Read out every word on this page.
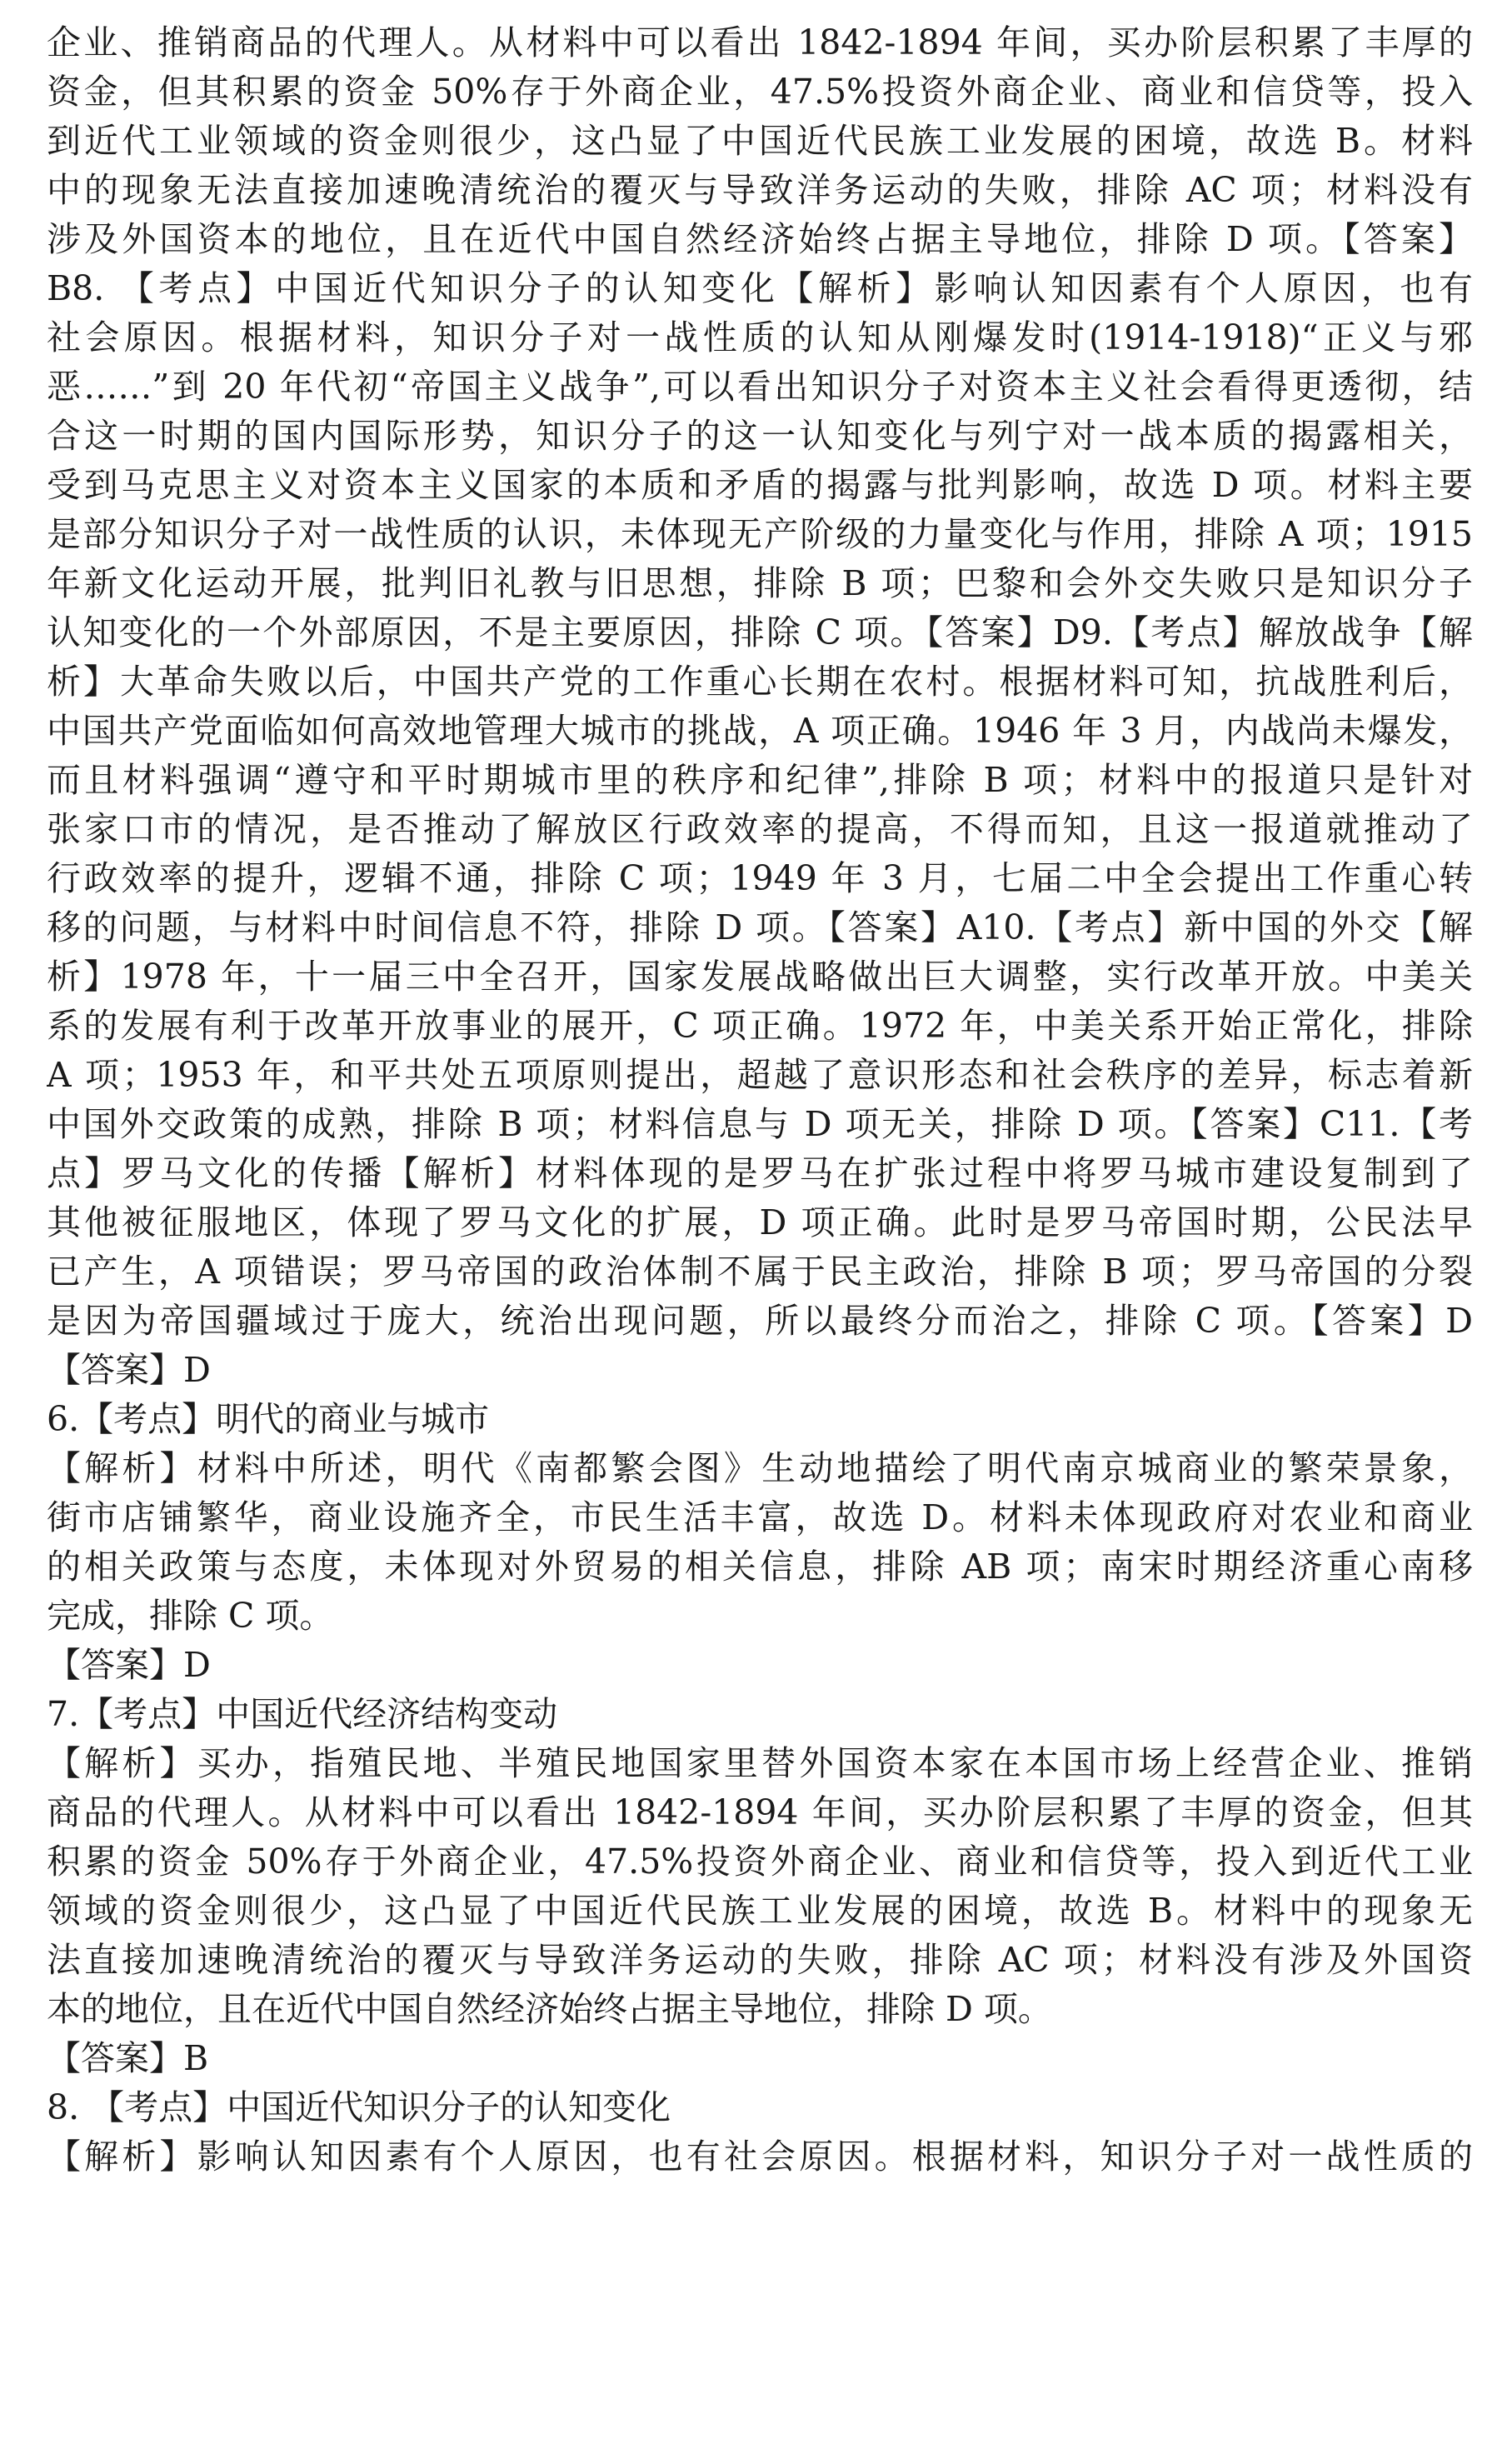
企业、推销商品的代理人。从材料中可以看出 1842-1894 年间，买办阶层积累了丰厚的
资金，但其积累的资金 50%存于外商企业，47.5%投资外商企业、商业和信贷等，投入
到近代工业领域的资金则很少，这凸显了中国近代民族工业发展的困境，故选 B。材料
中的现象无法直接加速晚清统治的覆灭与导致洋务运动的失败，排除 AC 项；材料没有
涉及外国资本的地位，且在近代中国自然经济始终占据主导地位，排除 D 项。【答案】
B8. 【考点】中国近代知识分子的认知变化【解析】影响认知因素有个人原因，也有
社会原因。根据材料，知识分子对一战性质的认知从刚爆发时(1914-1918)“正义与邪
恶……”到 20 年代初“帝国主义战争”,可以看出知识分子对资本主义社会看得更透彻，结
合这一时期的国内国际形势，知识分子的这一认知变化与列宁对一战本质的揭露相关，
受到马克思主义对资本主义国家的本质和矛盾的揭露与批判影响，故选 D 项。材料主要
是部分知识分子对一战性质的认识，未体现无产阶级的力量变化与作用，排除 A 项；1915
年新文化运动开展，批判旧礼教与旧思想，排除 B 项；巴黎和会外交失败只是知识分子
认知变化的一个外部原因，不是主要原因，排除 C 项。【答案】D9.【考点】解放战争【解
析】大革命失败以后，中国共产党的工作重心长期在农村。根据材料可知，抗战胜利后，
中国共产党面临如何高效地管理大城市的挑战，A 项正确。1946 年 3 月，内战尚未爆发，
而且材料强调“遵守和平时期城市里的秩序和纪律”,排除 B 项；材料中的报道只是针对
张家口市的情况，是否推动了解放区行政效率的提高，不得而知，且这一报道就推动了
行政效率的提升，逻辑不通，排除 C 项；1949 年 3 月，七届二中全会提出工作重心转
移的问题，与材料中时间信息不符，排除 D 项。【答案】A10.【考点】新中国的外交【解
析】1978 年，十一届三中全召开，国家发展战略做出巨大调整，实行改革开放。中美关
系的发展有利于改革开放事业的展开，C 项正确。1972 年，中美关系开始正常化，排除
A 项；1953 年，和平共处五项原则提出，超越了意识形态和社会秩序的差异，标志着新
中国外交政策的成熟，排除 B 项；材料信息与 D 项无关，排除 D 项。【答案】C11.【考
点】罗马文化的传播【解析】材料体现的是罗马在扩张过程中将罗马城市建设复制到了
其他被征服地区，体现了罗马文化的扩展，D 项正确。此时是罗马帝国时期，公民法早
已产生，A 项错误；罗马帝国的政治体制不属于民主政治，排除 B 项；罗马帝国的分裂
是因为帝国疆域过于庞大，统治出现问题，所以最终分而治之，排除 C 项。【答案】D
【答案】D
6.【考点】明代的商业与城市
【解析】材料中所述，明代《南都繁会图》生动地描绘了明代南京城商业的繁荣景象，
街市店铺繁华，商业设施齐全，市民生活丰富，故选 D。材料未体现政府对农业和商业
的相关政策与态度，未体现对外贸易的相关信息，排除 AB 项；南宋时期经济重心南移
完成，排除 C 项。
【答案】D
7.【考点】中国近代经济结构变动
【解析】买办，指殖民地、半殖民地国家里替外国资本家在本国市场上经营企业、推销
商品的代理人。从材料中可以看出 1842-1894 年间，买办阶层积累了丰厚的资金，但其
积累的资金 50%存于外商企业，47.5%投资外商企业、商业和信贷等，投入到近代工业
领域的资金则很少，这凸显了中国近代民族工业发展的困境，故选 B。材料中的现象无
法直接加速晚清统治的覆灭与导致洋务运动的失败，排除 AC 项；材料没有涉及外国资
本的地位，且在近代中国自然经济始终占据主导地位，排除 D 项。
【答案】B
8. 【考点】中国近代知识分子的认知变化
【解析】影响认知因素有个人原因，也有社会原因。根据材料，知识分子对一战性质的
